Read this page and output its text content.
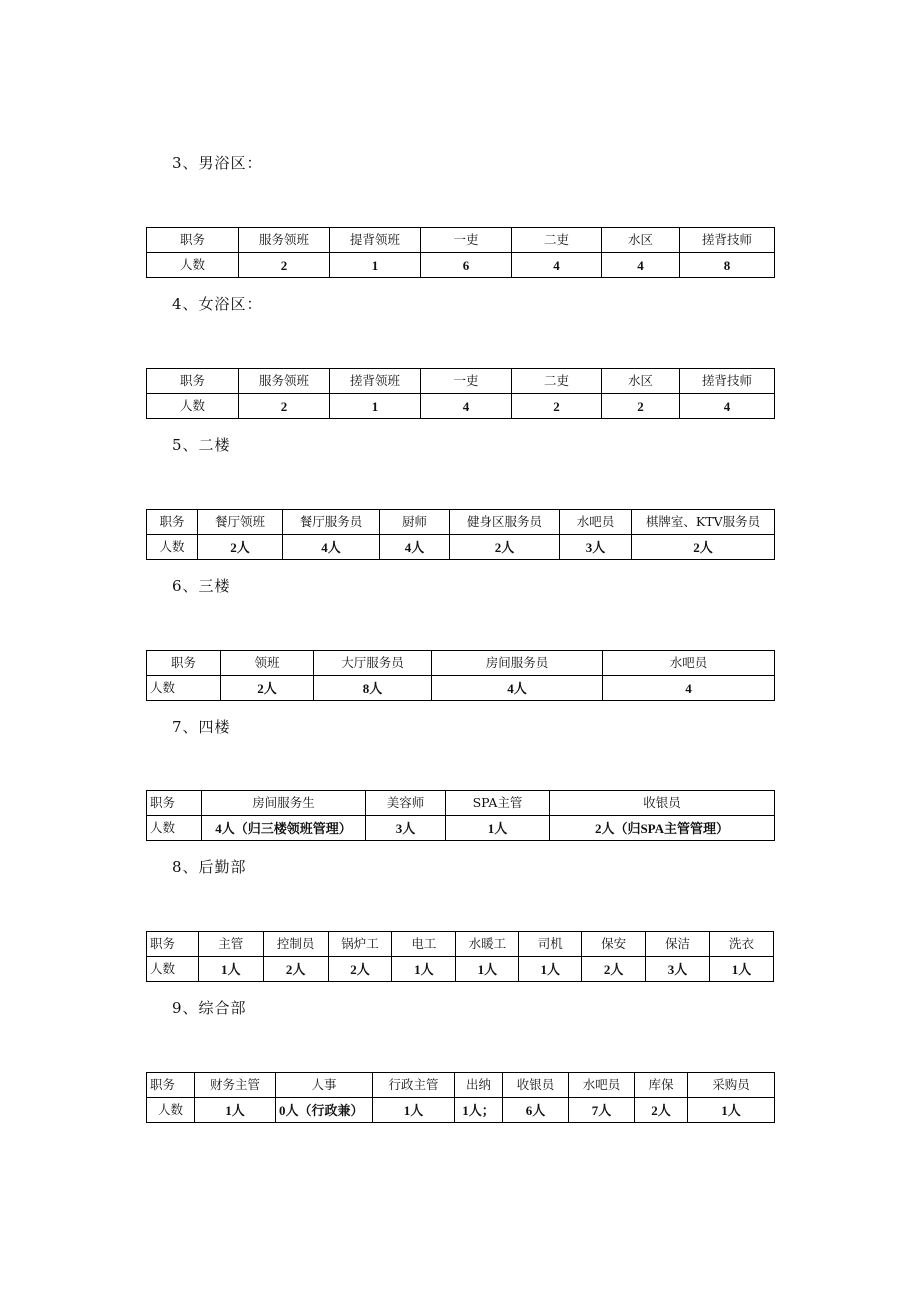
3、男浴区：

职务	服务领班	提背领班	一吏	二吏	水区	搓背技师
人数	2	1	6	4	4	8

4、女浴区：

职务	服务领班	搓背领班	一吏	二吏	水区	搓背技师
人数	2	1	4	2	2	4

5、二楼

职务	餐厅领班	餐厅服务员	厨师	健身区服务员	水吧员	棋牌室、KTV服务员
人数	2人	4人	4人	2人	3人	2人

6、三楼

职务	领班	大厅服务员	房间服务员	水吧员
人数	2人	8人	4人	4

7、四楼

职务	房间服务生	美容师	SPA主管	收银员
人数	4人（归三楼领班管理）	3人	1人	2人（归SPA主管管理）

8、后勤部

职务	主管	控制员	锅炉工	电工	水暖工	司机	保安	保洁	洗衣
人数	1人	2人	2人	1人	1人	1人	2人	3人	1人

9、综合部

职务	财务主管	人事	行政主管	出纳	收银员	水吧员	库保	采购员
人数	1人	0人（行政兼）	1人	1人；	6人	7人	2人	1人
